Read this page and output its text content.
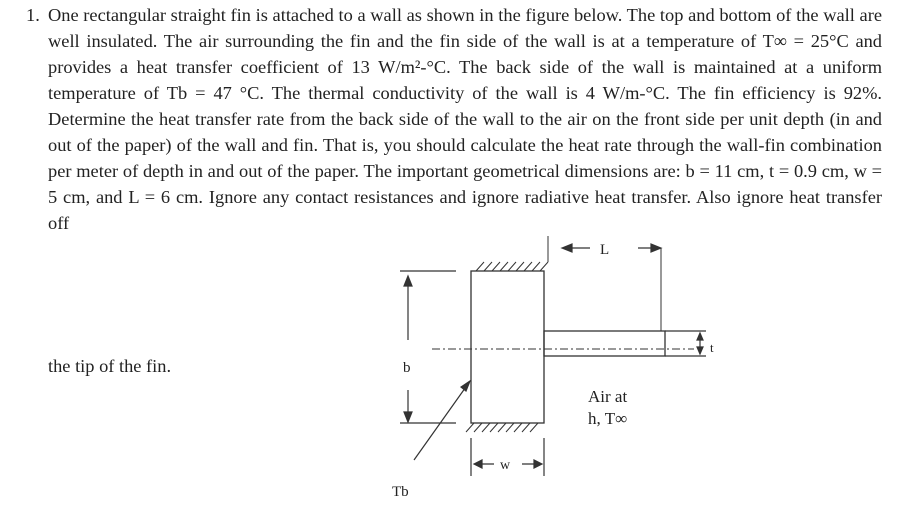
1. One rectangular straight fin is attached to a wall as shown in the figure below. The top and bottom of the wall are well insulated. The air surrounding the fin and the fin side of the wall is at a temperature of T∞ = 25°C and provides a heat transfer coefficient of 13 W/m²-°C. The back side of the wall is maintained at a uniform temperature of Tb = 47 °C. The thermal conductivity of the wall is 4 W/m-°C. The fin efficiency is 92%. Determine the heat transfer rate from the back side of the wall to the air on the front side per unit depth (in and out of the paper) of the wall and fin. That is, you should calculate the heat rate through the wall-fin combination per meter of depth in and out of the paper. The important geometrical dimensions are: b = 11 cm, t = 0.9 cm, w = 5 cm, and L = 6 cm. Ignore any contact resistances and ignore radiative heat transfer. Also ignore heat transfer off
the tip of the fin.
L
b
Tb
t
w
Air at
h, T∞
